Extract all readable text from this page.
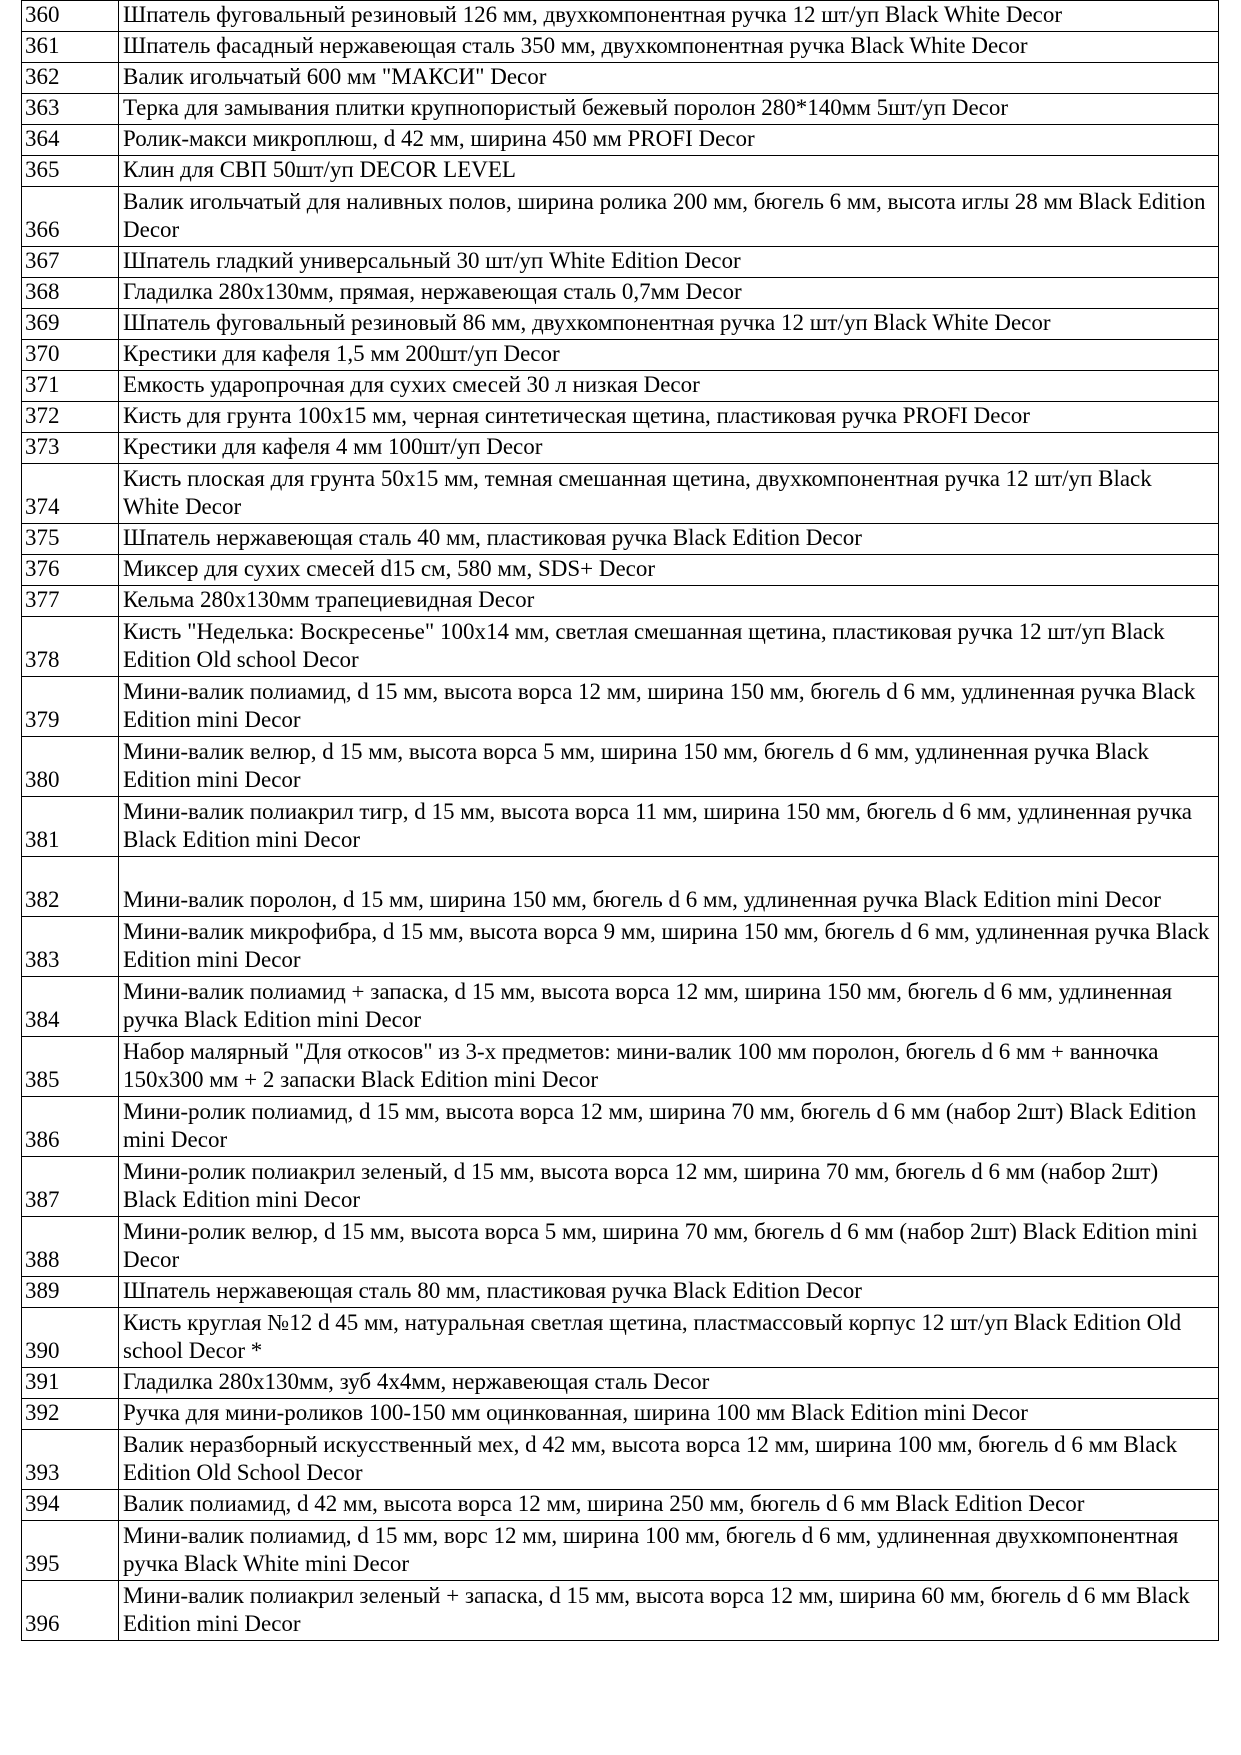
360	Шпатель фуговальный резиновый 126 мм, двухкомпонентная ручка 12 шт/уп Black White Decor
361	Шпатель фасадный нержавеющая сталь 350 мм, двухкомпонентная ручка Black White Decor
362	Валик игольчатый 600 мм "МАКСИ" Decor
363	Терка для замывания плитки крупнопористый бежевый поролон 280*140мм 5шт/уп Decor
364	Ролик-макси микроплюш, d 42 мм, ширина 450 мм PROFI Decor
365	Клин для СВП 50шт/уп DECOR LEVEL
366	Валик игольчатый для наливных полов, ширина ролика 200 мм, бюгель 6 мм, высота иглы 28 мм Black Edition Decor
367	Шпатель гладкий универсальный 30 шт/уп White Edition Decor
368	Гладилка 280х130мм, прямая, нержавеющая сталь 0,7мм Decor
369	Шпатель фуговальный резиновый 86 мм, двухкомпонентная ручка 12 шт/уп Black White Decor
370	Крестики для кафеля 1,5 мм 200шт/уп Decor
371	Емкость ударопрочная для сухих смесей 30 л низкая Decor
372	Кисть для грунта 100х15 мм, черная синтетическая щетина, пластиковая ручка PROFI Decor
373	Крестики для кафеля 4 мм 100шт/уп Decor
374	Кисть плоская для грунта 50х15 мм, темная смешанная щетина, двухкомпонентная ручка 12 шт/уп Black White Decor
375	Шпатель нержавеющая сталь 40 мм, пластиковая ручка Black Edition Decor
376	Миксер для сухих смесей d15 см, 580 мм, SDS+ Decor
377	Кельма 280х130мм трапециевидная Decor
378	Кисть "Неделька: Воскресенье" 100х14 мм, светлая смешанная щетина, пластиковая ручка 12 шт/уп Black Edition Old school Decor
379	Мини-валик полиамид, d 15 мм, высота ворса 12 мм, ширина 150 мм, бюгель d 6 мм, удлиненная ручка Black Edition mini Decor
380	Мини-валик велюр, d 15 мм, высота ворса 5 мм, ширина 150 мм, бюгель d 6 мм, удлиненная ручка Black Edition mini Decor
381	Мини-валик полиакрил тигр, d 15 мм, высота ворса 11 мм, ширина 150 мм, бюгель d 6 мм, удлиненная ручка Black Edition mini Decor
382	Мини-валик поролон, d 15 мм, ширина 150 мм, бюгель d 6 мм, удлиненная ручка Black Edition mini Decor
383	Мини-валик микрофибра, d 15 мм, высота ворса 9 мм, ширина 150 мм, бюгель d 6 мм, удлиненная ручка Black Edition mini Decor
384	Мини-валик полиамид + запаска, d 15 мм, высота ворса 12 мм, ширина 150 мм, бюгель d 6 мм, удлиненная ручка Black Edition mini Decor
385	Набор малярный "Для откосов" из 3-х предметов: мини-валик 100 мм поролон, бюгель d 6 мм + ванночка 150х300 мм + 2 запаски Black Edition mini Decor
386	Мини-ролик полиамид, d 15 мм, высота ворса 12 мм, ширина 70 мм, бюгель d 6 мм (набор 2шт) Black Edition mini Decor
387	Мини-ролик полиакрил зеленый, d 15 мм, высота ворса 12 мм, ширина 70 мм, бюгель d 6 мм (набор 2шт) Black Edition mini Decor
388	Мини-ролик велюр, d 15 мм, высота ворса 5 мм, ширина 70 мм, бюгель d 6 мм (набор 2шт) Black Edition mini Decor
389	Шпатель нержавеющая сталь 80 мм, пластиковая ручка Black Edition Decor
390	Кисть круглая №12 d 45 мм, натуральная светлая щетина, пластмассовый корпус 12 шт/уп Black Edition Old school Decor *
391	Гладилка 280х130мм, зуб 4х4мм, нержавеющая сталь Decor
392	Ручка для мини-роликов 100-150 мм оцинкованная, ширина 100 мм Black Edition mini Decor
393	Валик неразборный искусственный мех, d 42 мм, высота ворса 12 мм, ширина 100 мм, бюгель d 6 мм Black Edition Old School Decor
394	Валик полиамид, d 42 мм, высота ворса 12 мм, ширина 250 мм, бюгель d 6 мм Black Edition Decor
395	Мини-валик полиамид, d 15 мм, ворс 12 мм, ширина 100 мм, бюгель d 6 мм, удлиненная двухкомпонентная ручка Black White mini Decor
396	Мини-валик полиакрил зеленый + запаска, d 15 мм, высота ворса 12 мм, ширина 60 мм, бюгель d 6 мм Black Edition mini Decor
